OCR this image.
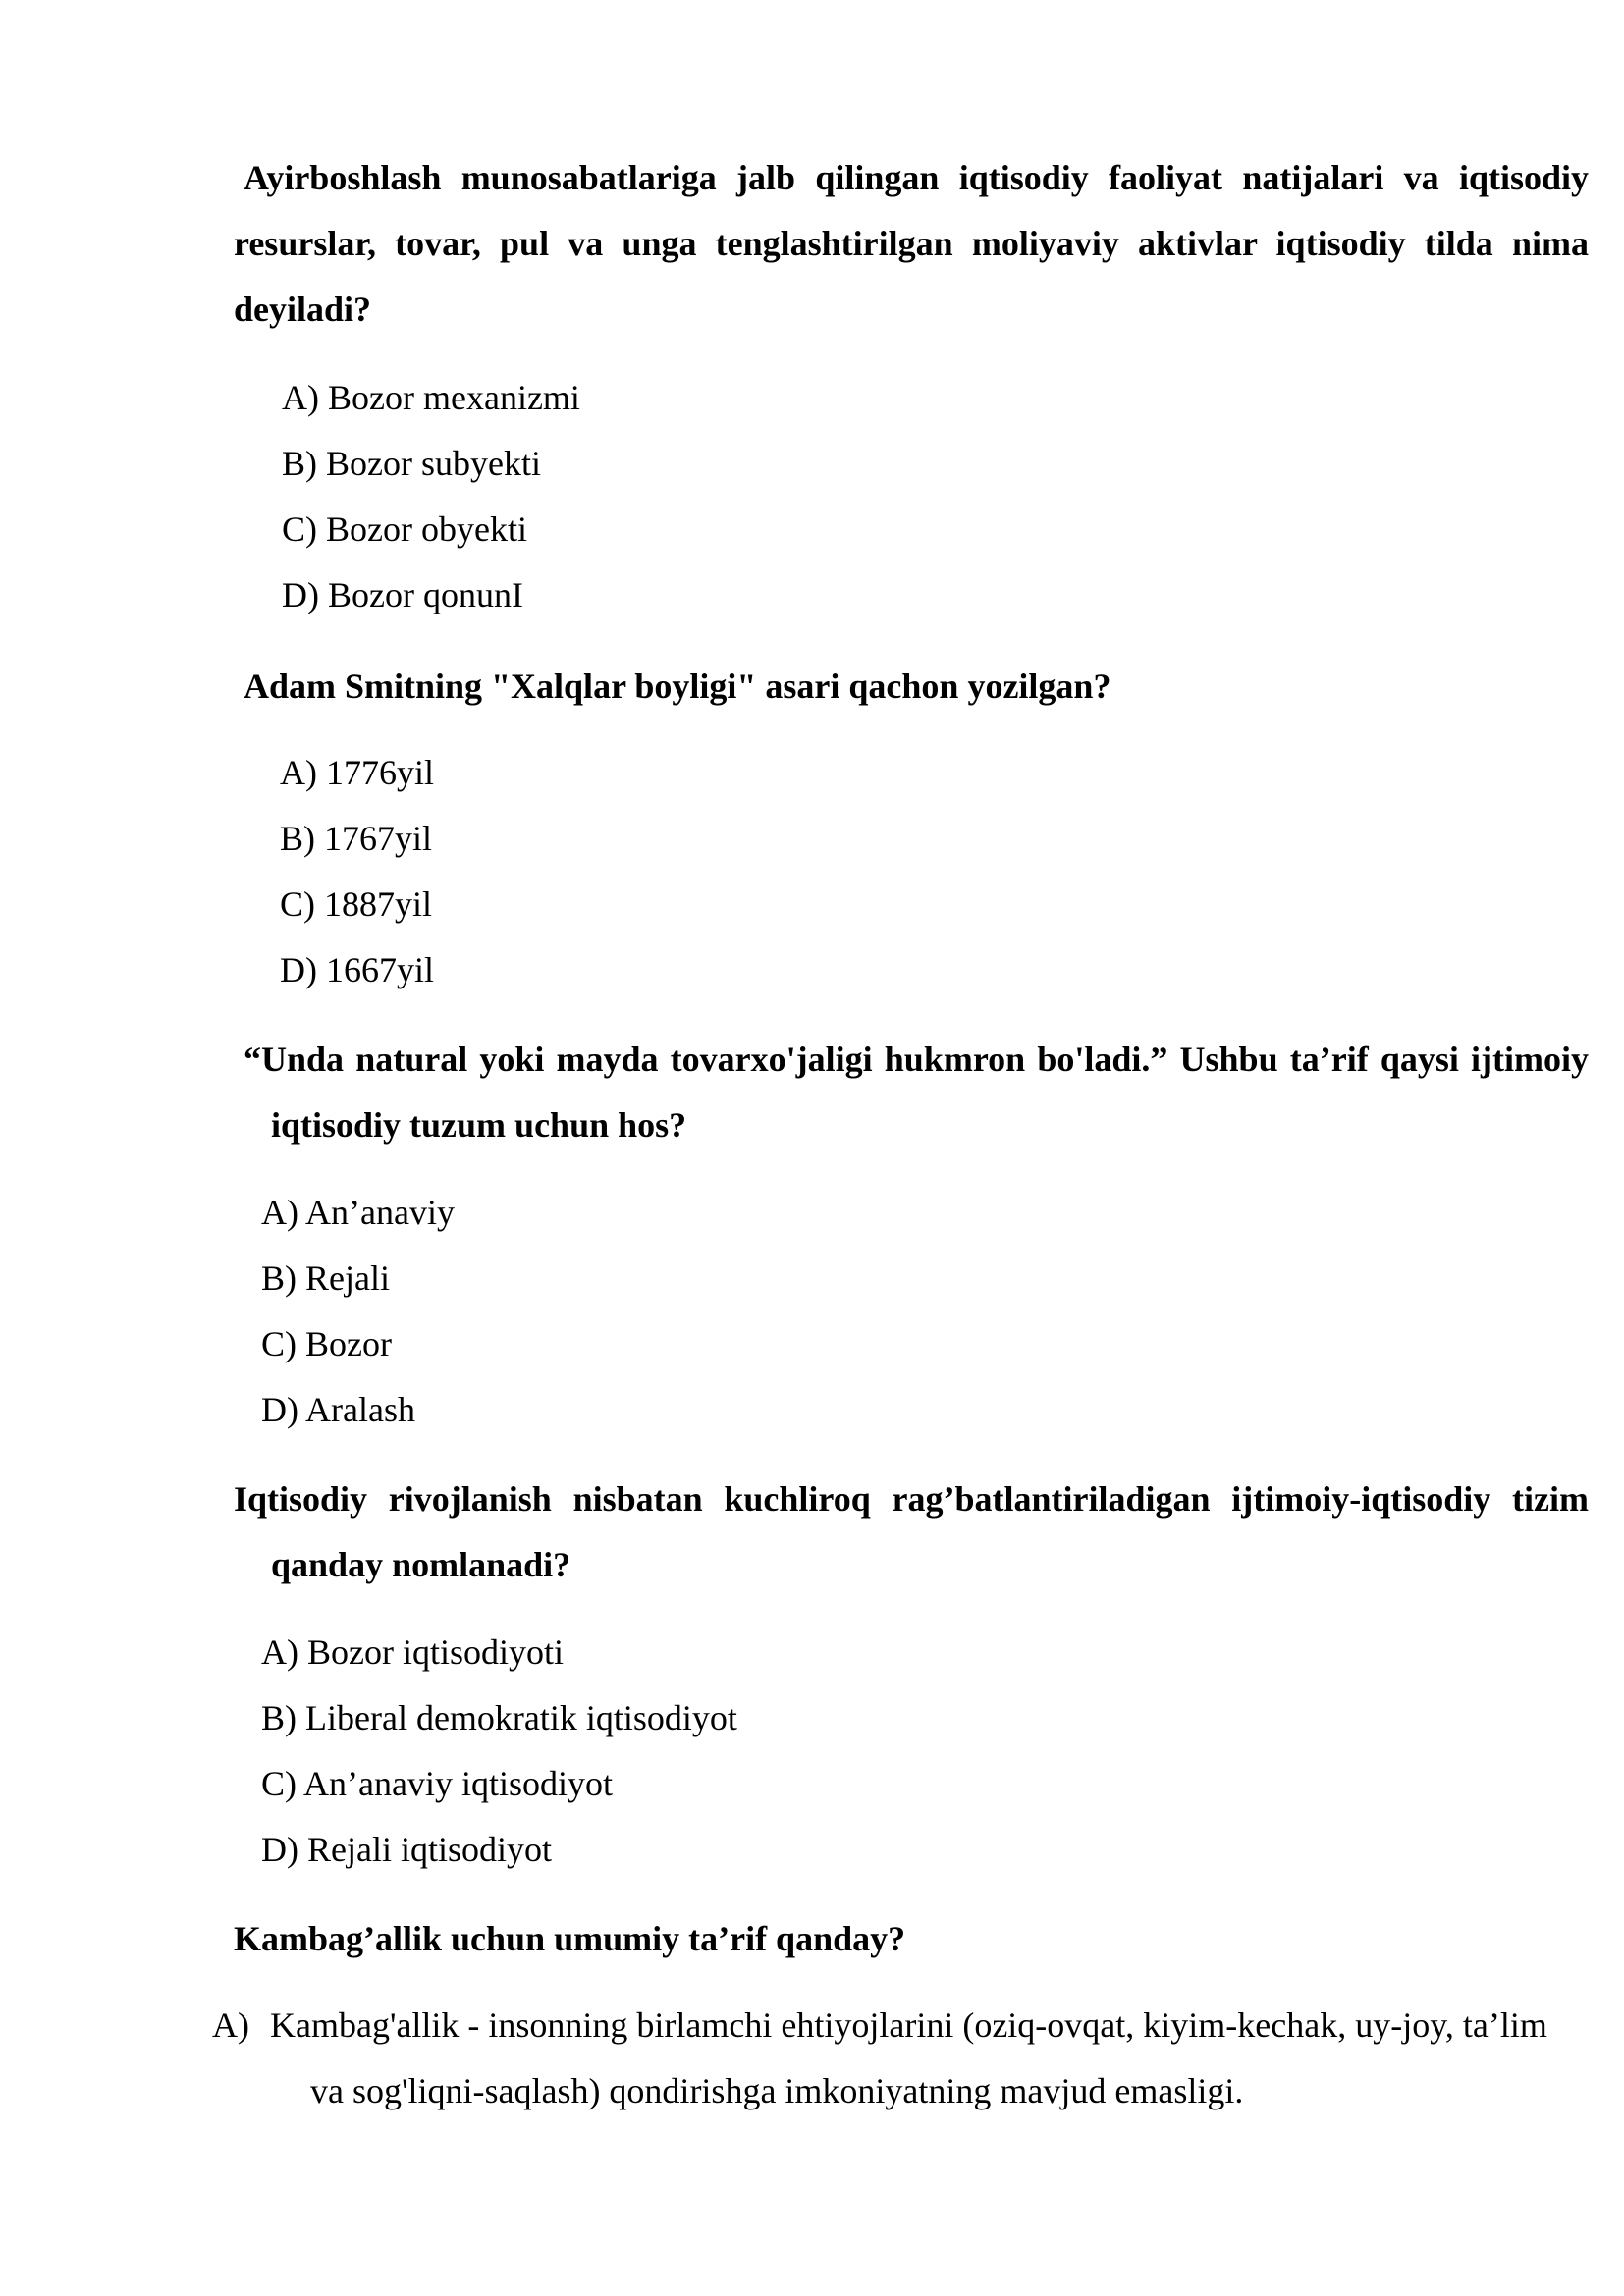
Ayirboshlash munosabatlariga jalb qilingan iqtisodiy faoliyat natijalari va iqtisodiy resurslar, tovar, pul va unga tenglashtirilgan moliyaviy aktivlar iqtisodiy tilda nima deyiladi?
A) Bozor mexanizmi
B) Bozor subyekti
C) Bozor obyekti
D) Bozor qonunI
Adam Smitning "Xalqlar boyligi" asari qachon yozilgan?
A) 1776yil
B) 1767yil
C) 1887yil
D) 1667yil
“Unda natural yoki mayda tovarxo'jaligi hukmron bo'ladi.” Ushbu ta’rif qaysi ijtimoiy iqtisodiy tuzum uchun hos?
A) An’anaviy
B) Rejali
C) Bozor
D) Aralash
Iqtisodiy rivojlanish nisbatan kuchliroq rag’batlantiriladigan ijtimoiy-iqtisodiy tizim qanday nomlanadi?
A) Bozor iqtisodiyoti
B) Liberal demokratik iqtisodiyot
C) An’anaviy iqtisodiyot
D) Rejali iqtisodiyot
Kambag’allik uchun umumiy ta’rif qanday?
A) Kambag'allik - insonning birlamchi ehtiyojlarini (oziq-ovqat, kiyim-kechak, uy-joy, ta’lim va sog'liqni-saqlash) qondirishga imkoniyatning mavjud emasligi.
